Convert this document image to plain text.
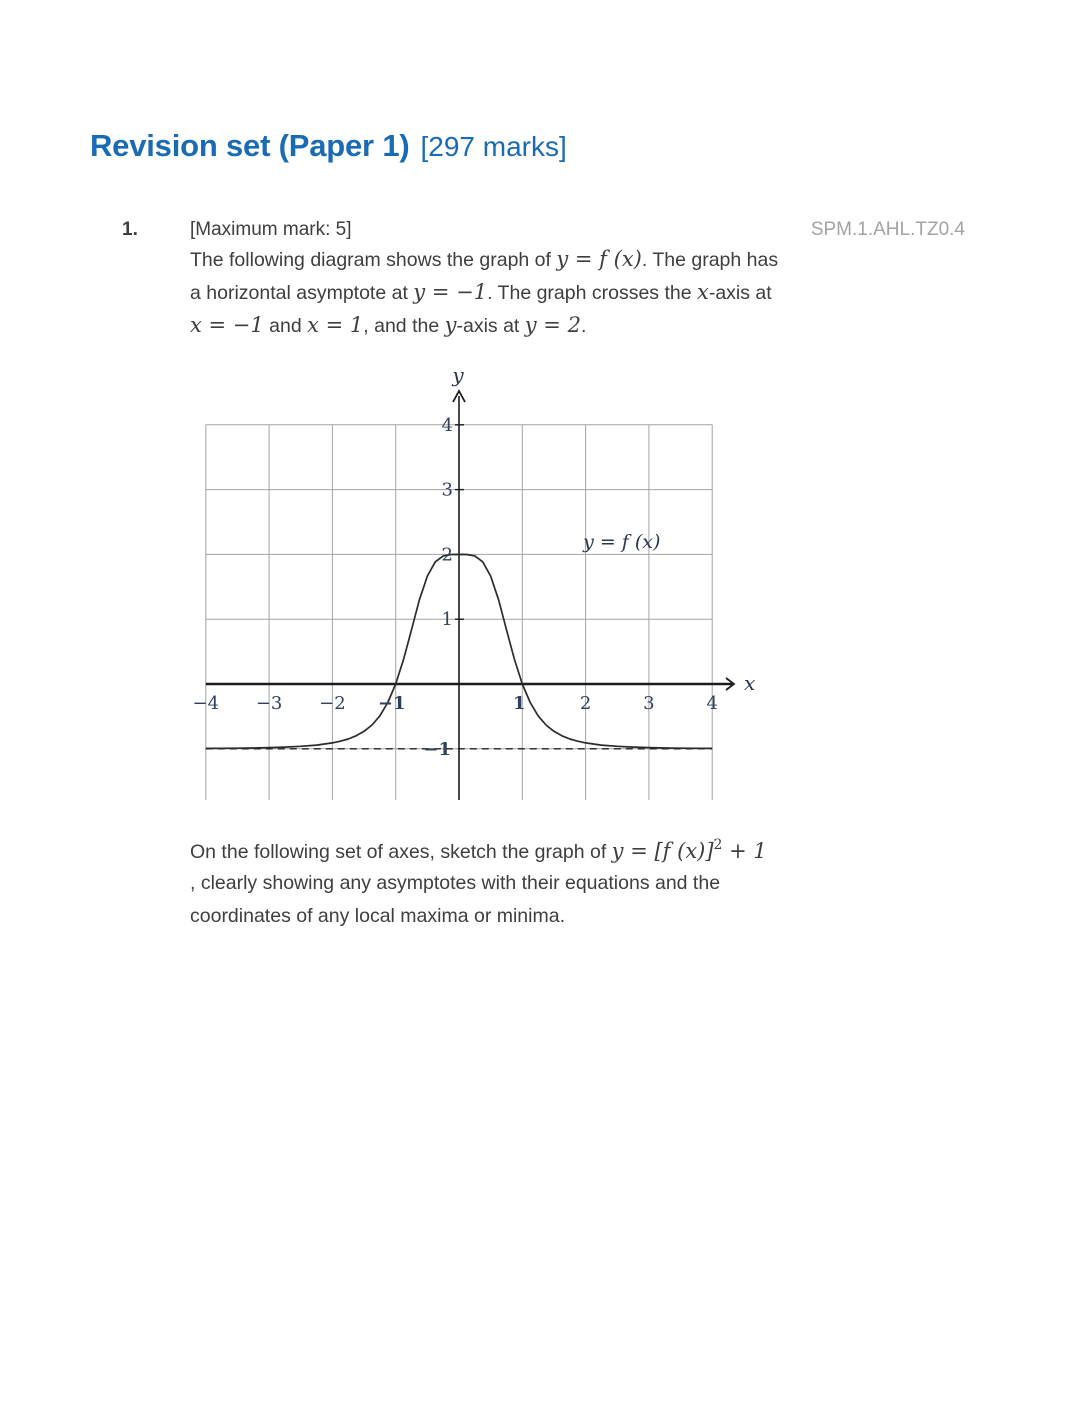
Revision set (Paper 1) [297 marks]
1.	[Maximum mark: 5]	SPM.1.AHL.TZ0.4
The following diagram shows the graph of y = f (x) . The graph has
a horizontal asymptote at y = −1 . The graph crosses the x -axis at
x = −1 and x = 1 , and the y -axis at y = 2 .
−4 −3 −2 −1	1	2	3	4
1
2
3
4
−1
y
x
y = f (x)
On the following set of axes, sketch the graph of y = [f (x)] 2 + 1
, clearly showing any asymptotes with their equations and the
coordinates of any local maxima or minima.
